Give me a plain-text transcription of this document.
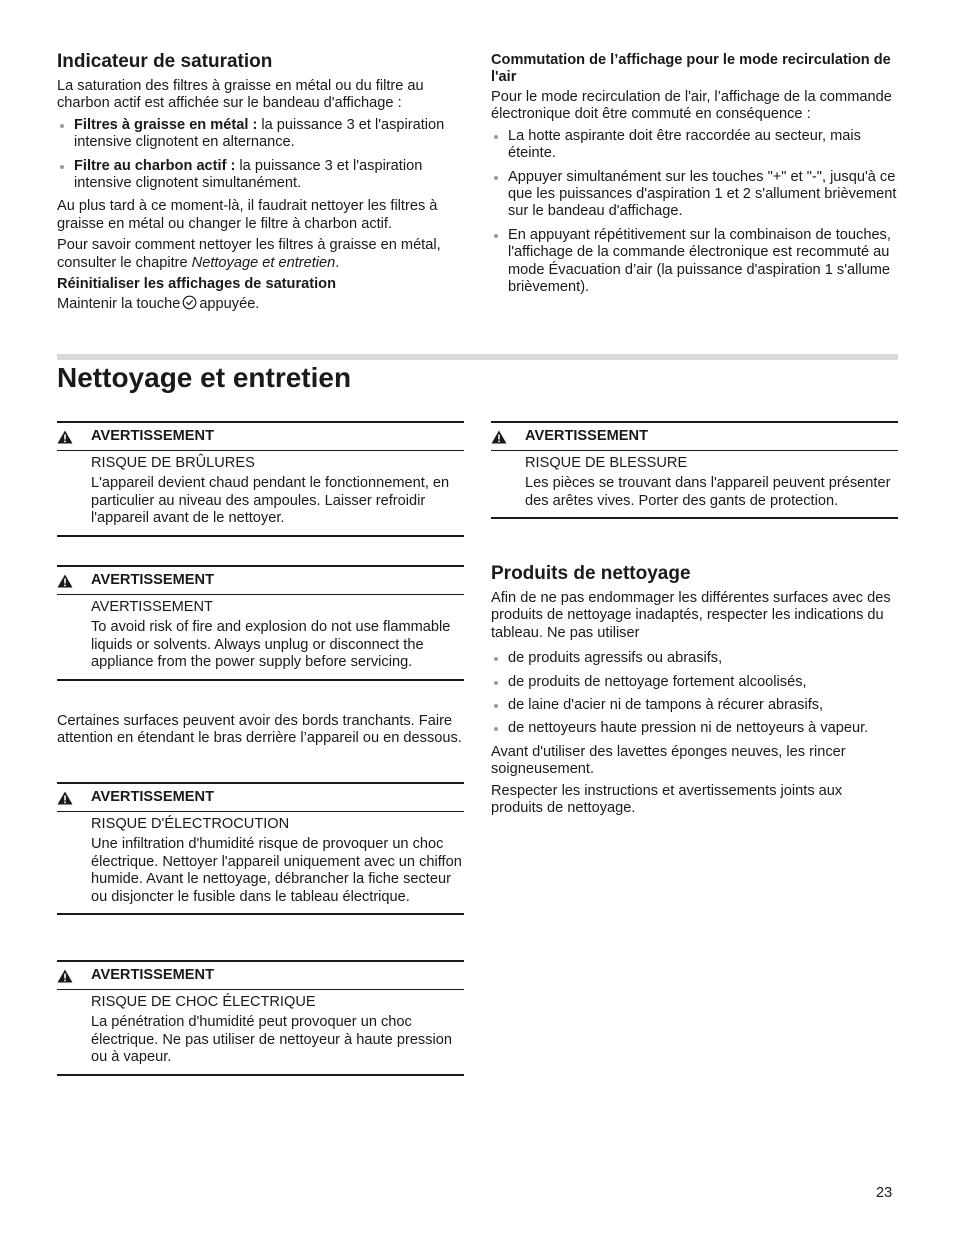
Indicateur de saturation

La saturation des filtres à graisse en métal ou du filtre au charbon actif est affichée sur le bandeau d'affichage :

Filtres à graisse en métal : la puissance 3 et l'aspiration intensive clignotent en alternance.
Filtre au charbon actif : la puissance 3 et l'aspiration intensive clignotent simultanément.

Au plus tard à ce moment-là, il faudrait nettoyer les filtres à graisse en métal ou changer le filtre à charbon actif.

Pour savoir comment nettoyer les filtres à graisse en métal, consulter le chapitre Nettoyage et entretien.

Réinitialiser les affichages de saturation

Maintenir la touche appuyée.

Commutation de l’affichage pour le mode recirculation de l'air

Pour le mode recirculation de l'air, l’affichage de la commande électronique doit être commuté en conséquence :

La hotte aspirante doit être raccordée au secteur, mais éteinte.
Appuyer simultanément sur les touches "+" et "-", jusqu'à ce que les puissances d'aspiration 1 et 2 s'allument brièvement sur le bandeau d'affichage.
En appuyant répétitivement sur la combinaison de touches, l'affichage de la commande électronique est recommuté au mode Évacuation d’air (la puissance d'aspiration 1 s'allume brièvement).
Nettoyage et entretien
AVERTISSEMENT

RISQUE DE BRÛLURES

L'appareil devient chaud pendant le fonctionnement, en particulier au niveau des ampoules. Laisser refroidir l'appareil avant de le nettoyer.

AVERTISSEMENT

AVERTISSEMENT

To avoid risk of fire and explosion do not use flammable liquids or solvents. Always unplug or disconnect the appliance from the power supply before servicing.

Certaines surfaces peuvent avoir des bords tranchants. Faire attention en étendant le bras derrière l’appareil ou en dessous.

AVERTISSEMENT

RISQUE D'ÉLECTROCUTION

Une infiltration d'humidité risque de provoquer un choc électrique. Nettoyer l'appareil uniquement avec un chiffon humide. Avant le nettoyage, débrancher la fiche secteur ou disjoncter le fusible dans le tableau électrique.

AVERTISSEMENT

RISQUE DE CHOC ÉLECTRIQUE

La pénétration d'humidité peut provoquer un choc électrique. Ne pas utiliser de nettoyeur à haute pression ou à vapeur.

AVERTISSEMENT

RISQUE DE BLESSURE

Les pièces se trouvant dans l'appareil peuvent présenter des arêtes vives. Porter des gants de protection.

Produits de nettoyage

Afin de ne pas endommager les différentes surfaces avec des produits de nettoyage inadaptés, respecter les indications du tableau. Ne pas utiliser

de produits agressifs ou abrasifs,
de produits de nettoyage fortement alcoolisés,
de laine d'acier ni de tampons à récurer abrasifs,
de nettoyeurs haute pression ni de nettoyeurs à vapeur.

Avant d'utiliser des lavettes éponges neuves, les rincer soigneusement.

Respecter les instructions et avertissements joints aux produits de nettoyage.

23
